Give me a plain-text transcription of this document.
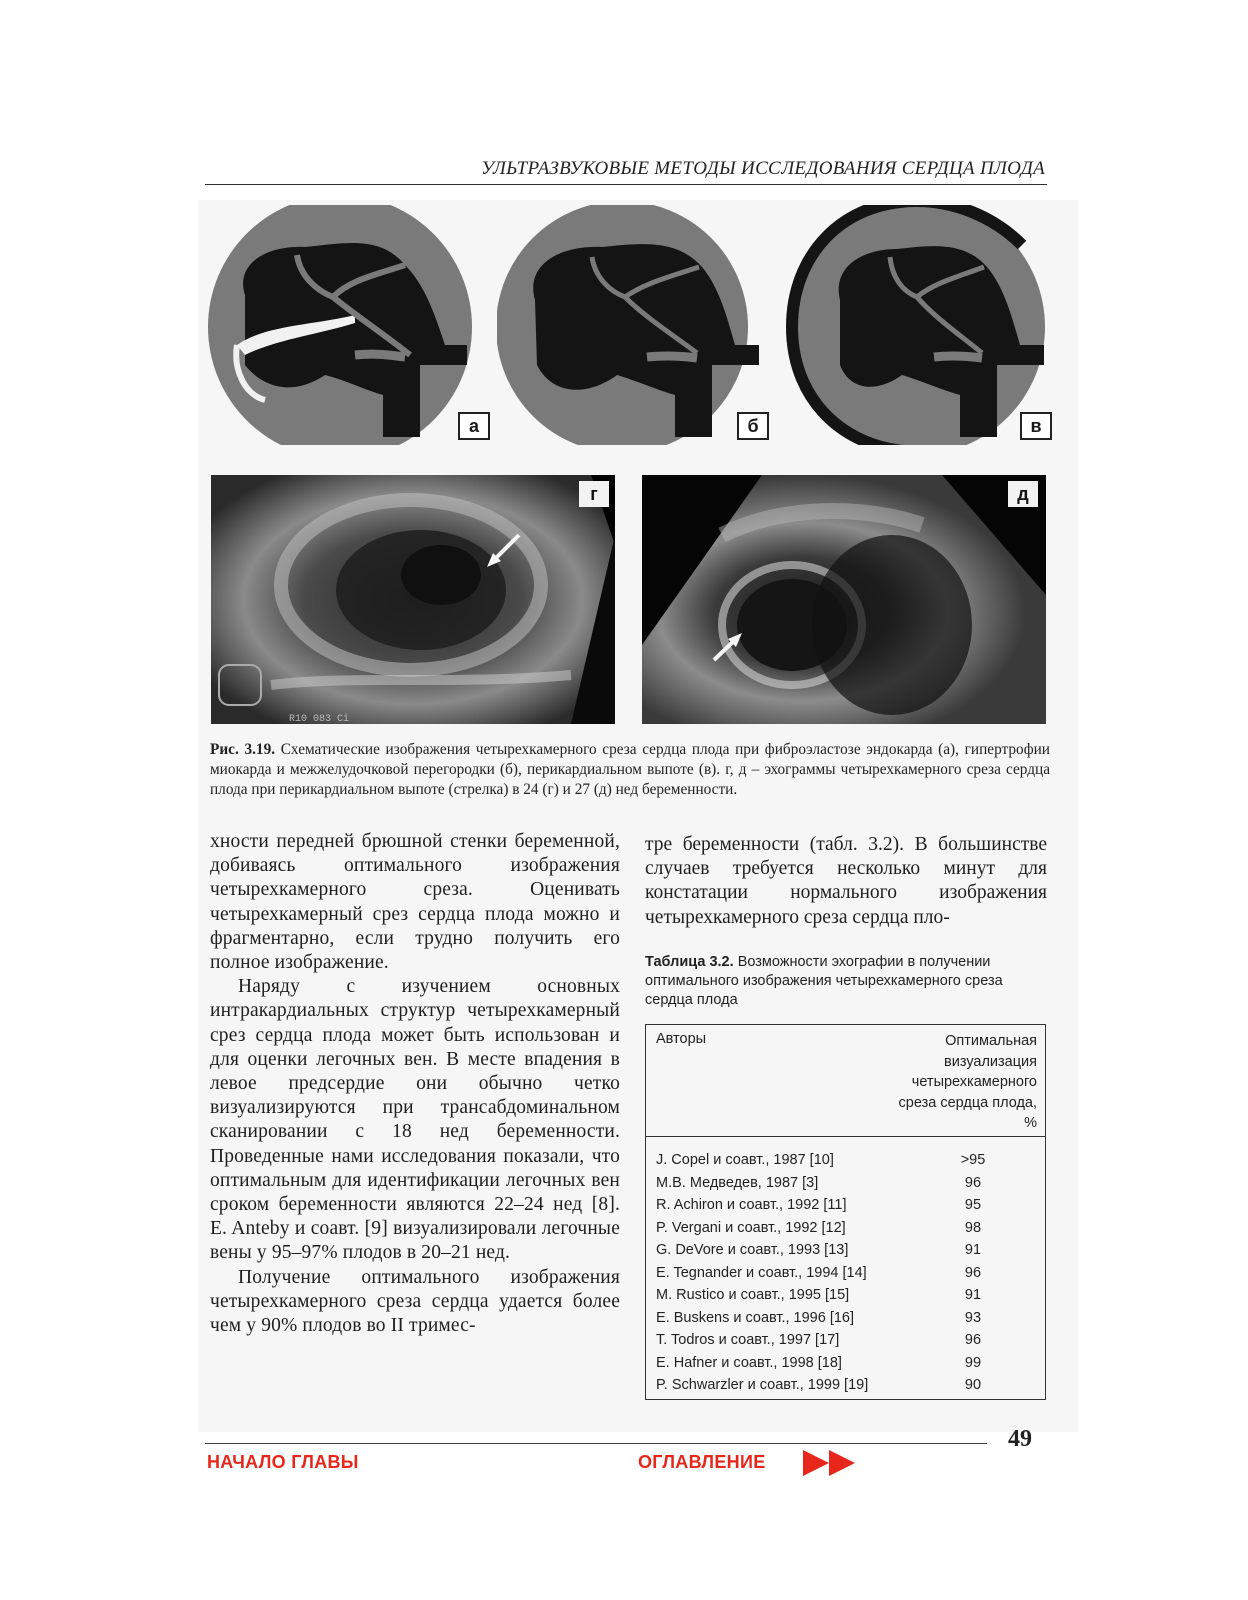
УЛЬТРАЗВУКОВЫЕ МЕТОДЫ ИССЛЕДОВАНИЯ СЕРДЦА ПЛОДА
а	б	в
R10 083 Сі
г	д
Рис. 3.19. Схематические изображения четырехкамерного среза сердца плода при фиброэластозе эндокарда (а), гипертрофии миокарда и межжелудочковой перегородки (б), перикардиальном выпоте (в). г, д – эхограммы четырехкамерного среза сердца плода при перикардиальном выпоте (стрелка) в 24 (г) и 27 (д) нед беременности.

хности передней брюшной стенки беременной, добиваясь оптимального изображения четырехкамерного среза. Оценивать четырехкамерный срез сердца плода можно и фрагментарно, если трудно получить его полное изображение.

Наряду с изучением основных интракардиальных структур четырехкамерный срез сердца плода может быть использован и для оценки легочных вен. В месте впадения в левое предсердие они обычно четко визуализируются при трансабдоминальном сканировании с 18 нед беременности. Проведенные нами исследования показали, что оптимальным для идентификации легочных вен сроком беременности являются 22–24 нед [8]. E. Anteby и соавт. [9] визуализировали легочные вены у 95–97% плодов в 20–21 нед.

Получение оптимального изображения четырехкамерного среза сердца удается более чем у 90% плодов во II тримес-

тре беременности (табл. 3.2). В большинстве случаев требуется несколько минут для констатации нормального изображения четырехкамерного среза сердца пло-
Таблица 3.2. Возможности эхографии в получении оптимального изображения четырехкамерного среза сердца плода
Авторы	Оптимальная визуализация четырехкамерного среза сердца плода, %
J. Copel и соавт., 1987 [10]	>95
М.В. Медведев, 1987 [3]	96
R. Achiron и соавт., 1992 [11]	95
P. Vergani и соавт., 1992 [12]	98
G. DeVore и соавт., 1993 [13]	91
E. Tegnander и соавт., 1994 [14]	96
M. Rustico и соавт., 1995 [15]	91
E. Buskens и соавт., 1996 [16]	93
T. Todros и соавт., 1997 [17]	96
E. Hafner и соавт., 1998 [18]	99
P. Schwarzler и соавт., 1999 [19]	90
49
НАЧАЛО ГЛАВЫ	ОГЛАВЛЕНИЕ
